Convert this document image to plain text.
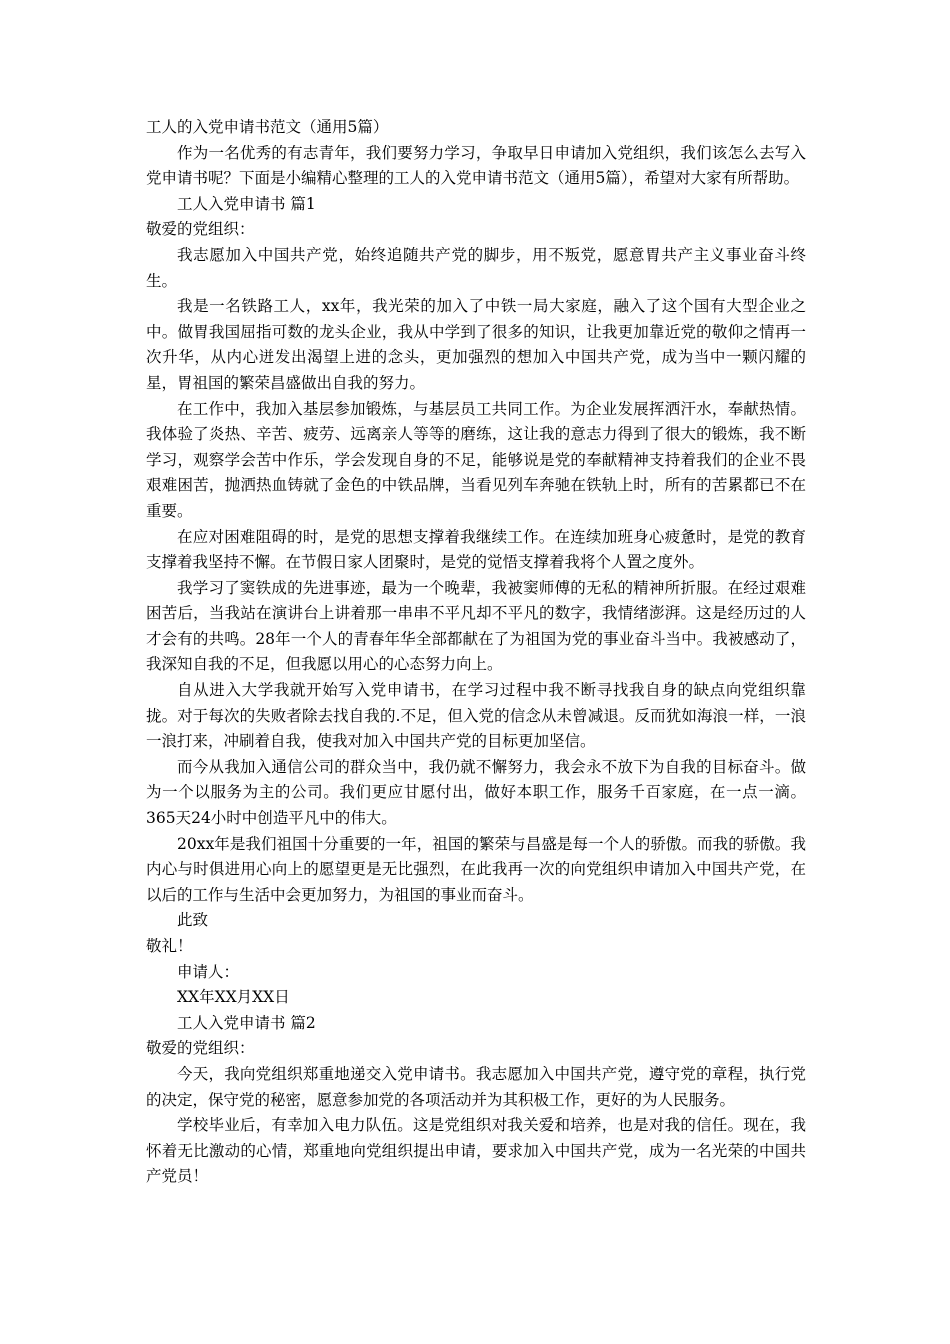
工人的入党申请书范文（通用5篇）

作为一名优秀的有志青年，我们要努力学习，争取早日申请加入党组织，我们该怎么去写入党申请书呢？下面是小编精心整理的工人的入党申请书范文（通用5篇），希望对大家有所帮助。

工人入党申请书 篇1

敬爱的党组织：

我志愿加入中国共产党，始终追随共产党的脚步，用不叛党，愿意胃共产主义事业奋斗终生。

我是一名铁路工人，xx年，我光荣的加入了中铁一局大家庭，融入了这个国有大型企业之中。做胃我国屈指可数的龙头企业，我从中学到了很多的知识，让我更加靠近党的敬仰之情再一次升华，从内心迸发出渴望上进的念头，更加强烈的想加入中国共产党，成为当中一颗闪耀的星，胃祖国的繁荣昌盛做出自我的努力。

在工作中，我加入基层参加锻炼，与基层员工共同工作。为企业发展挥洒汗水，奉献热情。我体验了炎热、辛苦、疲劳、远离亲人等等的磨练，这让我的意志力得到了很大的锻炼，我不断学习，观察学会苦中作乐，学会发现自身的不足，能够说是党的奉献精神支持着我们的企业不畏艰难困苦，抛洒热血铸就了金色的中铁品牌，当看见列车奔驰在铁轨上时，所有的苦累都已不在重要。

在应对困难阻碍的时，是党的思想支撑着我继续工作。在连续加班身心疲惫时，是党的教育支撑着我坚持不懈。在节假日家人团聚时，是党的觉悟支撑着我将个人置之度外。

我学习了窦铁成的先进事迹，最为一个晚辈，我被窦师傅的无私的精神所折服。在经过艰难困苦后，当我站在演讲台上讲着那一串串不平凡却不平凡的数字，我情绪澎湃。这是经历过的人才会有的共鸣。28年一个人的青春年华全部都献在了为祖国为党的事业奋斗当中。我被感动了，我深知自我的不足，但我愿以用心的心态努力向上。

自从进入大学我就开始写入党申请书，在学习过程中我不断寻找我自身的缺点向党组织靠拢。对于每次的失败者除去找自我的.不足，但入党的信念从未曾减退。反而犹如海浪一样，一浪一浪打来，冲刷着自我，使我对加入中国共产党的目标更加坚信。

而今从我加入通信公司的群众当中，我仍就不懈努力，我会永不放下为自我的目标奋斗。做为一个以服务为主的公司。我们更应甘愿付出，做好本职工作，服务千百家庭，在一点一滴。365天24小时中创造平凡中的伟大。

20xx年是我们祖国十分重要的一年，祖国的繁荣与昌盛是每一个人的骄傲。而我的骄傲。我内心与时俱进用心向上的愿望更是无比强烈，在此我再一次的向党组织申请加入中国共产党，在以后的工作与生活中会更加努力，为祖国的事业而奋斗。

此致

敬礼！

申请人：

XX年XX月XX日

工人入党申请书 篇2

敬爱的党组织：

今天，我向党组织郑重地递交入党申请书。我志愿加入中国共产党，遵守党的章程，执行党的决定，保守党的秘密，愿意参加党的各项活动并为其积极工作，更好的为人民服务。

学校毕业后，有幸加入电力队伍。这是党组织对我关爱和培养，也是对我的信任。现在，我怀着无比激动的心情，郑重地向党组织提出申请，要求加入中国共产党，成为一名光荣的中国共产党员！
